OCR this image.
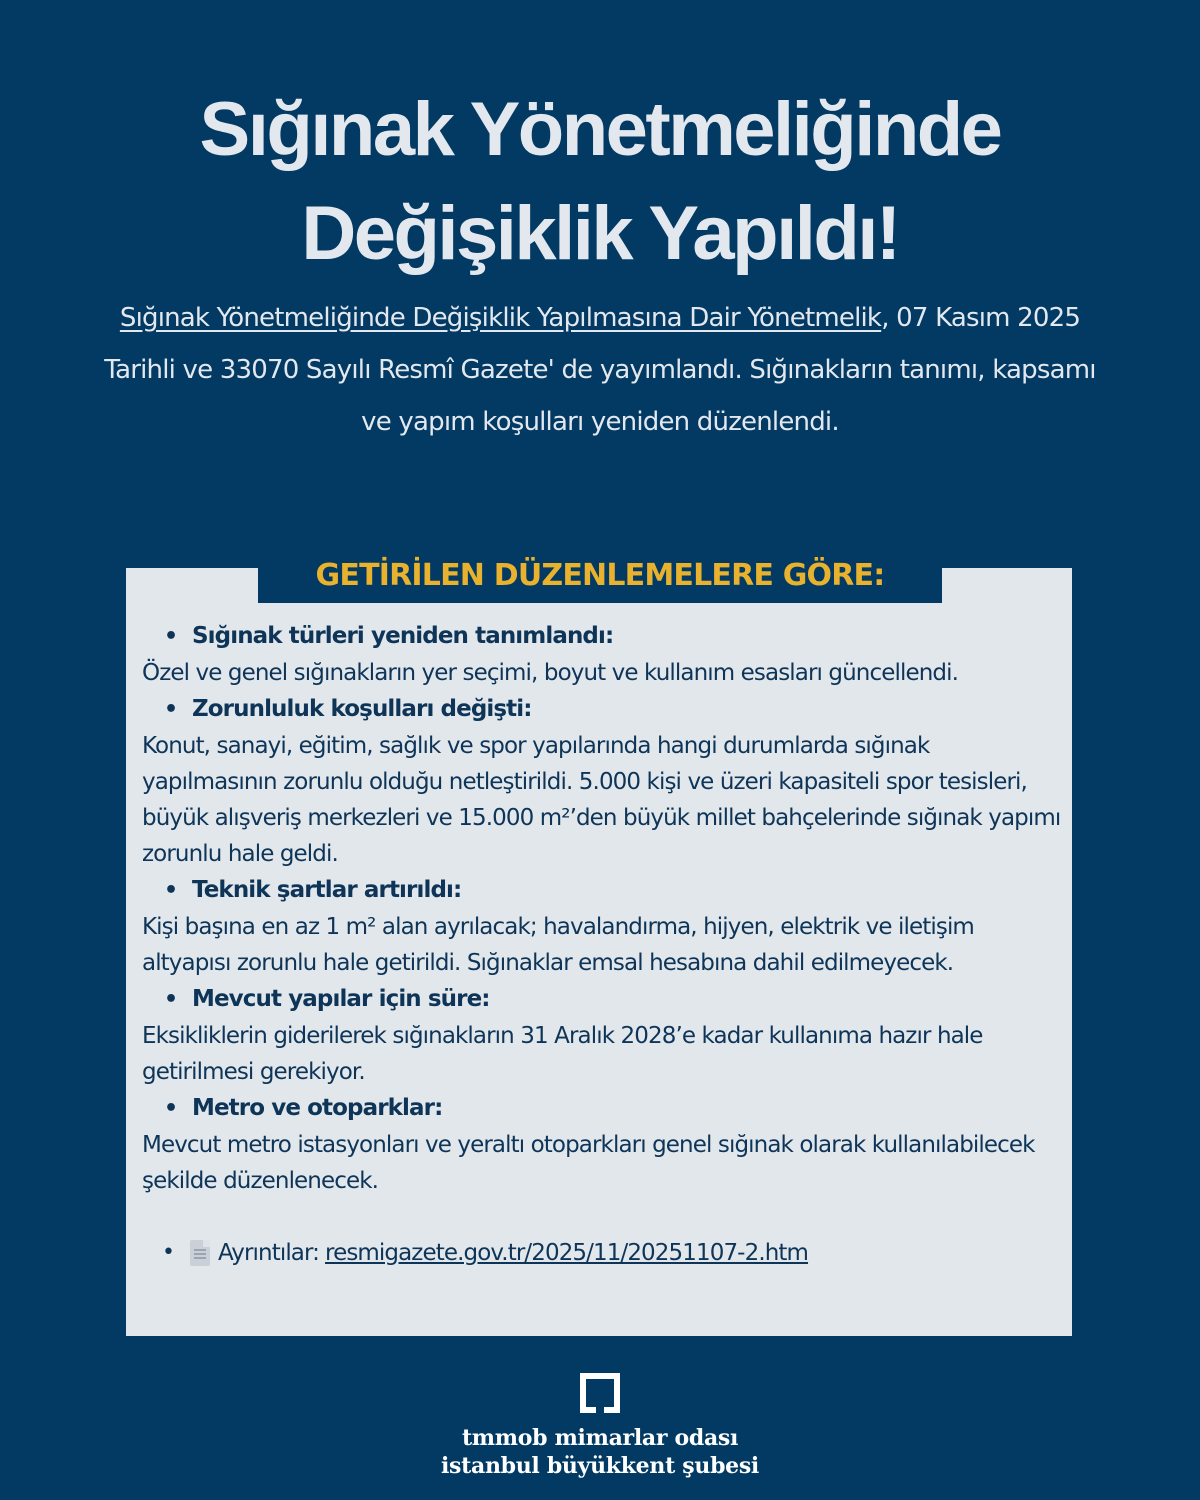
Sığınak Yönetmeliğinde
Değişiklik Yapıldı!
Sığınak Yönetmeliğinde Değişiklik Yapılmasına Dair Yönetmelik, 07 Kasım 2025 Tarihli ve 33070 Sayılı Resmî Gazete' de yayımlandı. Sığınakların tanımı, kapsamı ve yapım koşulları yeniden düzenlendi.
GETİRİLEN DÜZENLEMELERE GÖRE:
• Sığınak türleri yeniden tanımlandı:

Özel ve genel sığınakların yer seçimi, boyut ve kullanım esasları güncellendi.

• Zorunluluk koşulları değişti:

Konut, sanayi, eğitim, sağlık ve spor yapılarında hangi durumlarda sığınak yapılmasının zorunlu olduğu netleştirildi. 5.000 kişi ve üzeri kapasiteli spor tesisleri, büyük alışveriş merkezleri ve 15.000 m²’den büyük millet bahçelerinde sığınak yapımı zorunlu hale geldi.

• Teknik şartlar artırıldı:

Kişi başına en az 1 m² alan ayrılacak; havalandırma, hijyen, elektrik ve iletişim altyapısı zorunlu hale getirildi. Sığınaklar emsal hesabına dahil edilmeyecek.

• Mevcut yapılar için süre:

Eksikliklerin giderilerek sığınakların 31 Aralık 2028’e kadar kullanıma hazır hale getirilmesi gerekiyor.

• Metro ve otoparklar:

Mevcut metro istasyonları ve yeraltı otoparkları genel sığınak olarak kullanılabilecek şekilde düzenlenecek.

•	Ayrıntılar: resmigazete.gov.tr/2025/11/20251107-2.htm
tmmob mimarlar odası
istanbul büyükkent şubesi
